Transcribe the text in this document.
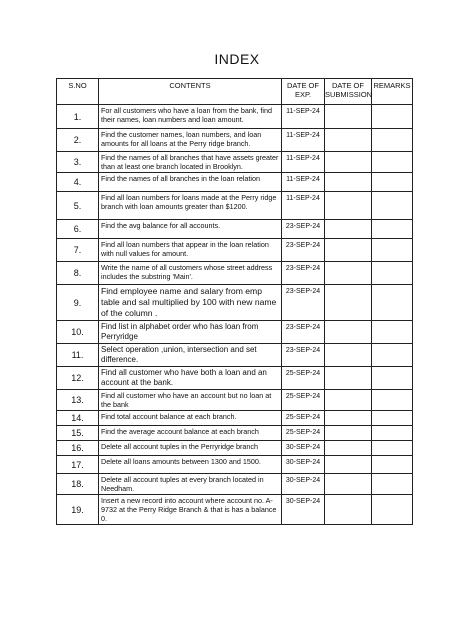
INDEX
S.NO	CONTENTS	DATE OF EXP.	DATE OF SUBMISSION	REMARKS
1.	For all customers who have a loan from the bank, find their names, loan numbers and loan amount.	11-SEP-24		
2.	Find the customer names, loan numbers, and loan amounts for all loans at the Perry ridge branch.	11-SEP-24		
3.	Find the names of all branches that have assets greater than at least one branch located in Brooklyn.	11-SEP-24		
4.	Find the names of all branches in the loan relation	11-SEP-24		
5.	Find all loan numbers for loans made at the Perry ridge branch with loan amounts greater than $1200.	11-SEP-24		
6.	Find the avg balance for all accounts.	23-SEP-24		
7.	Find all loan numbers that appear in the loan relation with null values for amount.	23-SEP-24		
8.	Write the name of all customers whose street address includes the substring 'Main'.	23-SEP-24		
9.	Find employee name and salary from emp table and sal multiplied by 100 with new name of the column .	23-SEP-24		
10.	Find list in alphabet order who has loan from Perryridge	23-SEP-24		
11.	Select operation ,union, intersection and set difference.	23-SEP-24		
12.	Find all customer who have both a loan and an account at the bank.	25-SEP-24		
13.	Find all customer who have an account but no loan at the bank	25-SEP-24		
14.	Find total account balance at each branch.	25-SEP-24		
15.	Find the average account balance at each branch	25-SEP-24		
16.	Delete all account tuples in the Perryridge branch	30-SEP-24		
17.	Delete all loans amounts between 1300 and 1500.	30-SEP-24		
18.	Delete all account tuples at every branch located in Needham.	30-SEP-24		
19.	Insert a new record into account where account no. A-9732 at the Perry Ridge Branch & that is has a balance 0.	30-SEP-24		
